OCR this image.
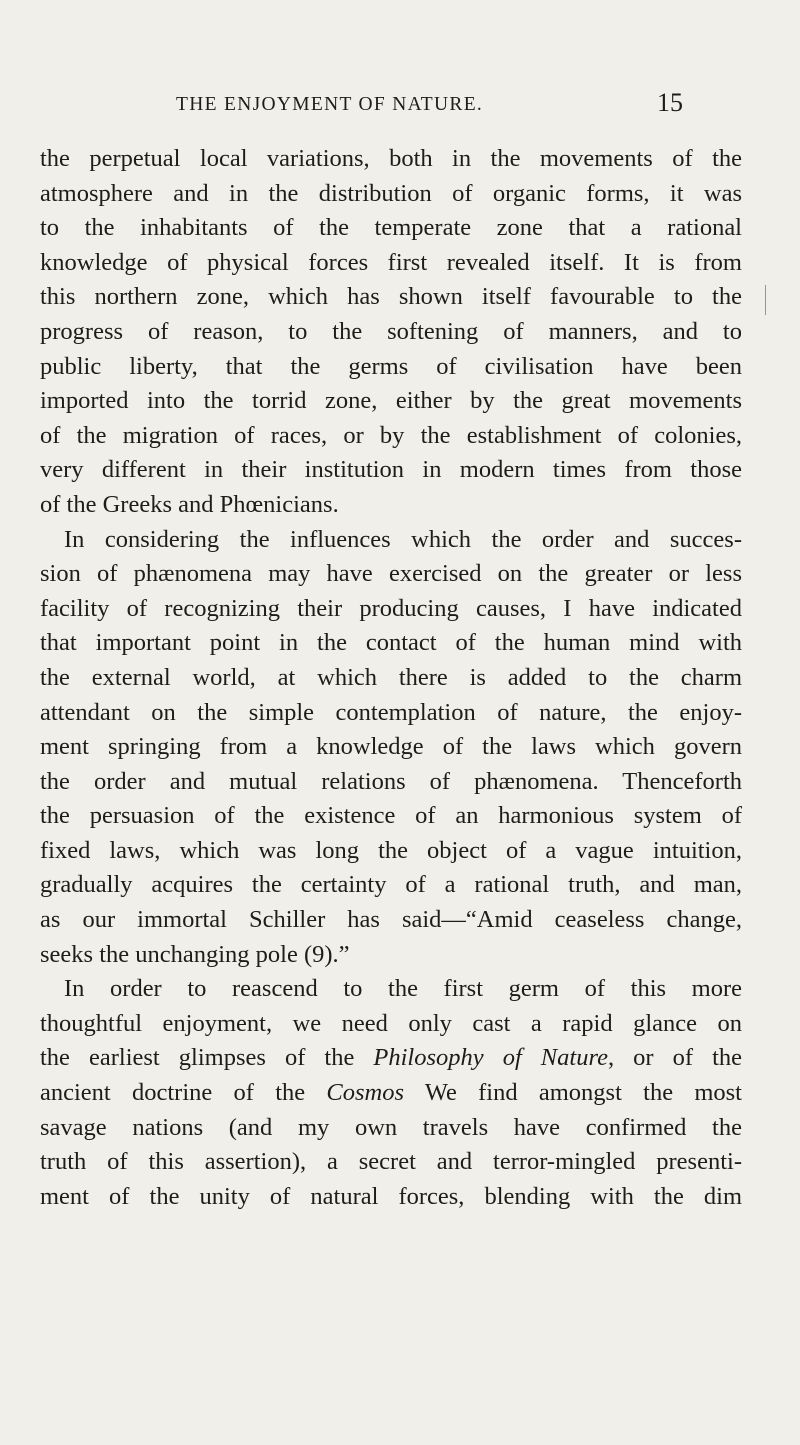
THE ENJOYMENT OF NATURE.	15
the perpetual local variations, both in the movements of the
atmosphere and in the distribution of organic forms, it was
to the inhabitants of the temperate zone that a rational
knowledge of physical forces first revealed itself. It is from
this northern zone, which has shown itself favourable to the
progress of reason, to the softening of manners, and to
public liberty, that the germs of civilisation have been
imported into the torrid zone, either by the great movements
of the migration of races, or by the establishment of colonies,
very different in their institution in modern times from those
of the Greeks and Phœnicians.
In considering the influences which the order and succes-
sion of phænomena may have exercised on the greater or less
facility of recognizing their producing causes, I have indicated
that important point in the contact of the human mind with
the external world, at which there is added to the charm
attendant on the simple contemplation of nature, the enjoy-
ment springing from a knowledge of the laws which govern
the order and mutual relations of phænomena. Thenceforth
the persuasion of the existence of an harmonious system of
fixed laws, which was long the object of a vague intuition,
gradually acquires the certainty of a rational truth, and man,
as our immortal Schiller has said—“Amid ceaseless change,
seeks the unchanging pole (9).”
In order to reascend to the first germ of this more
thoughtful enjoyment, we need only cast a rapid glance on
the earliest glimpses of the Philosophy of Nature, or of the
ancient doctrine of the Cosmos We find amongst the most
savage nations (and my own travels have confirmed the
truth of this assertion), a secret and terror-mingled presenti-
ment of the unity of natural forces, blending with the dim
